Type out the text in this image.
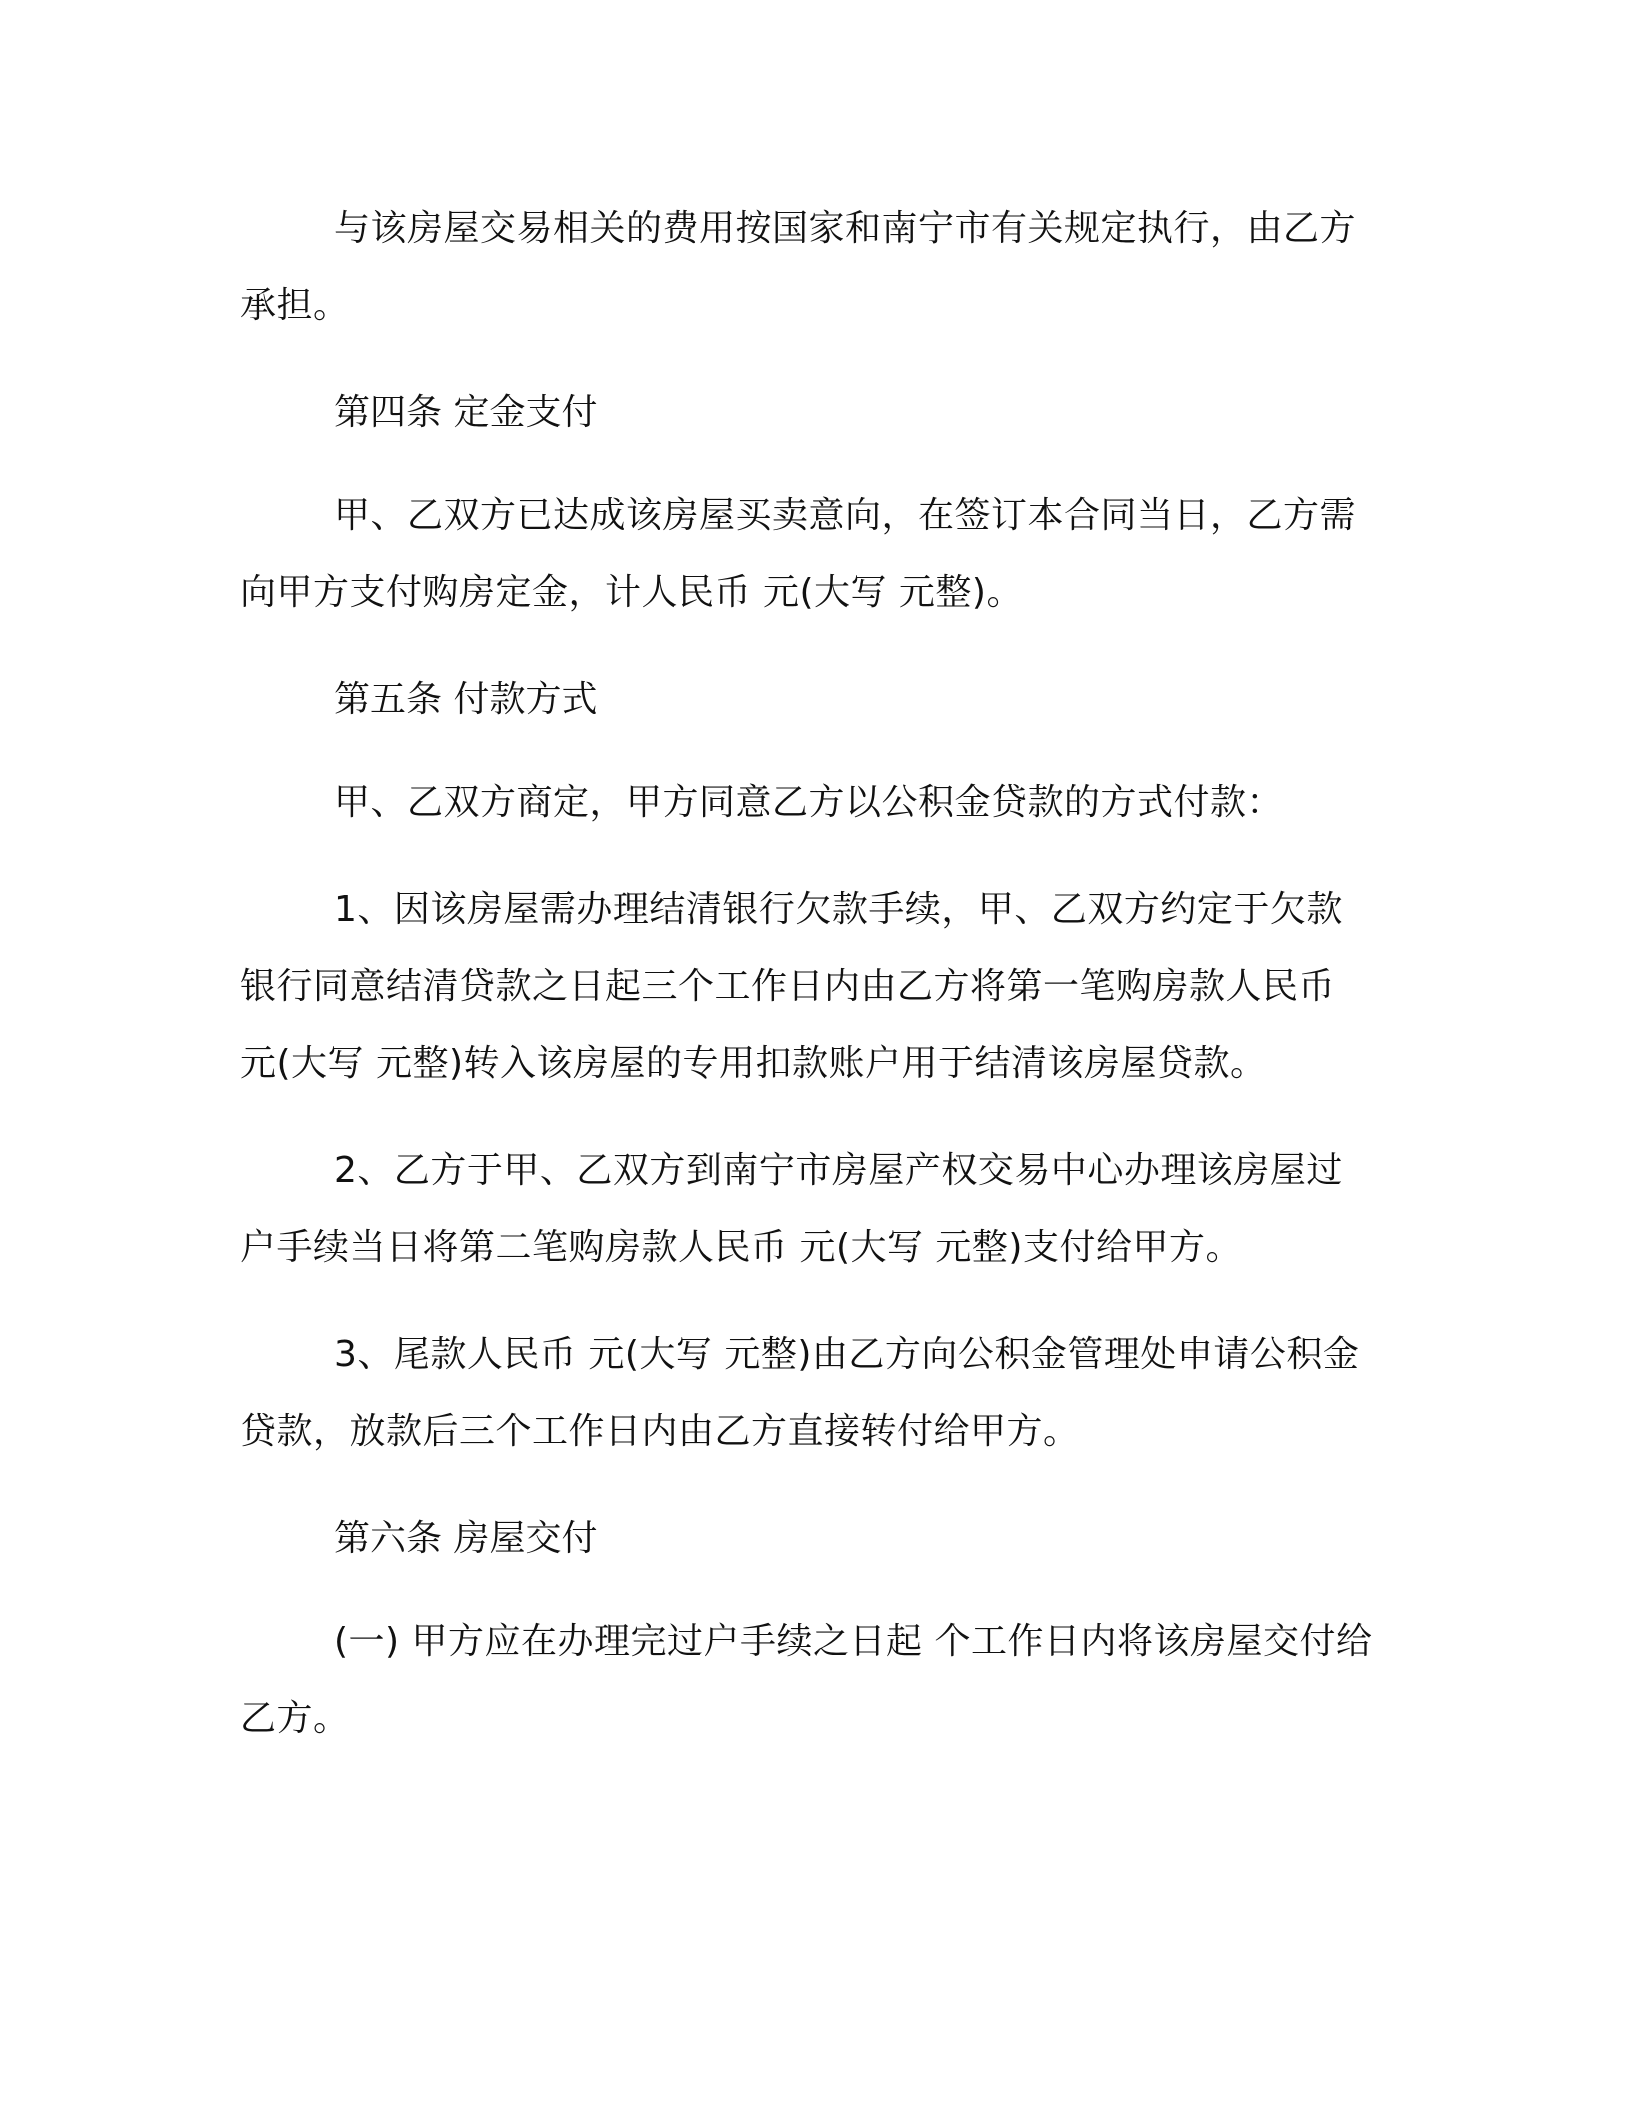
与该房屋交易相关的费用按国家和南宁市有关规定执行，由乙方
承担。

第四条 定金支付

甲、乙双方已达成该房屋买卖意向，在签订本合同当日，乙方需
向甲方支付购房定金，计人民币 元(大写 元整)。

第五条 付款方式

甲、乙双方商定，甲方同意乙方以公积金贷款的方式付款：

1、因该房屋需办理结清银行欠款手续，甲、乙双方约定于欠款
银行同意结清贷款之日起三个工作日内由乙方将第一笔购房款人民币
元(大写 元整)转入该房屋的专用扣款账户用于结清该房屋贷款。

2、乙方于甲、乙双方到南宁市房屋产权交易中心办理该房屋过
户手续当日将第二笔购房款人民币 元(大写 元整)支付给甲方。

3、尾款人民币 元(大写 元整)由乙方向公积金管理处申请公积金
贷款，放款后三个工作日内由乙方直接转付给甲方。

第六条 房屋交付

(一) 甲方应在办理完过户手续之日起 个工作日内将该房屋交付给
乙方。
